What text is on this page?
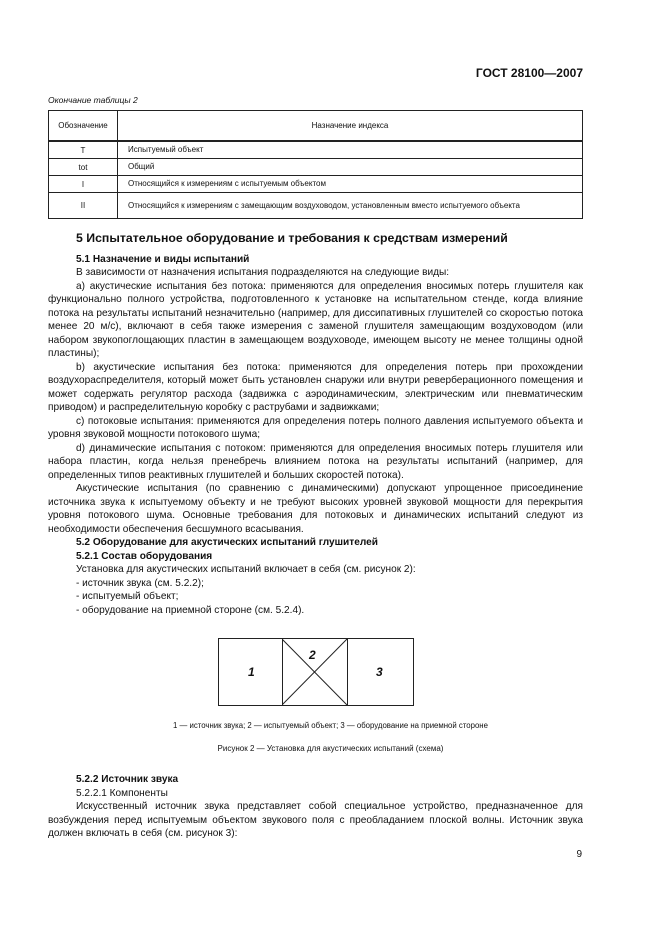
ГОСТ 28100—2007
Окончание таблицы 2
Обозначение	Назначение индекса
T	Испытуемый объект
tot	Общий
I	Относящийся к измерениям с испытуемым объектом
II	Относящийся к измерениям с замещающим воздуховодом, установленным вместо испытуемого объекта

5 Испытательное оборудование и требования к средствам измерений

5.1 Назначение и виды испытаний

В зависимости от назначения испытания подразделяются на следующие виды:

а) акустические испытания без потока: применяются для определения вносимых потерь глушителя как функционально полного устройства, подготовленного к установке на испытательном стенде, когда влияние потока на результаты испытаний незначительно (например, для диссипативных глушителей со скоростью потока менее 20 м/с), включают в себя также измерения с заменой глушителя замещающим воздуховодом (или набором звукопоглощающих пластин в замещающем воздуховоде, имеющем высоту не менее толщины одной пластины);

b) акустические испытания без потока: применяются для определения потерь при прохождении воздухораспределителя, который может быть установлен снаружи или внутри реверберационного помещения и может содержать регулятор расхода (задвижка с аэродинамическим, электрическим или пневматическим приводом) и распределительную коробку с раструбами и задвижками;

с) потоковые испытания: применяются для определения потерь полного давления испытуемого объекта и уровня звуковой мощности потокового шума;

d) динамические испытания с потоком: применяются для определения вносимых потерь глушителя или набора пластин, когда нельзя пренебречь влиянием потока на результаты испытаний (например, для определенных типов реактивных глушителей и больших скоростей потока).

Акустические испытания (по сравнению с динамическими) допускают упрощенное присоединение источника звука к испытуемому объекту и не требуют высоких уровней звуковой мощности для перекрытия уровня потокового шума. Основные требования для потоковых и динамических испытаний следуют из необходимости обеспечения бесшумного всасывания.

5.2 Оборудование для акустических испытаний глушителей

5.2.1 Состав оборудования

Установка для акустических испытаний включает в себя (см. рисунок 2):

- источник звука (см. 5.2.2);

- испытуемый объект;

- оборудование на приемной стороне (см. 5.2.4).

1
2
3
1 — источник звука; 2 — испытуемый объект; 3 — оборудование на приемной стороне
Рисунок 2 — Установка для акустических испытаний (схема)

5.2.2 Источник звука

5.2.2.1 Компоненты

Искусственный источник звука представляет собой специальное устройство, предназначенное для возбуждения перед испытуемым объектом звукового поля с преобладанием плоской волны. Источник звука должен включать в себя (см. рисунок 3):

9
